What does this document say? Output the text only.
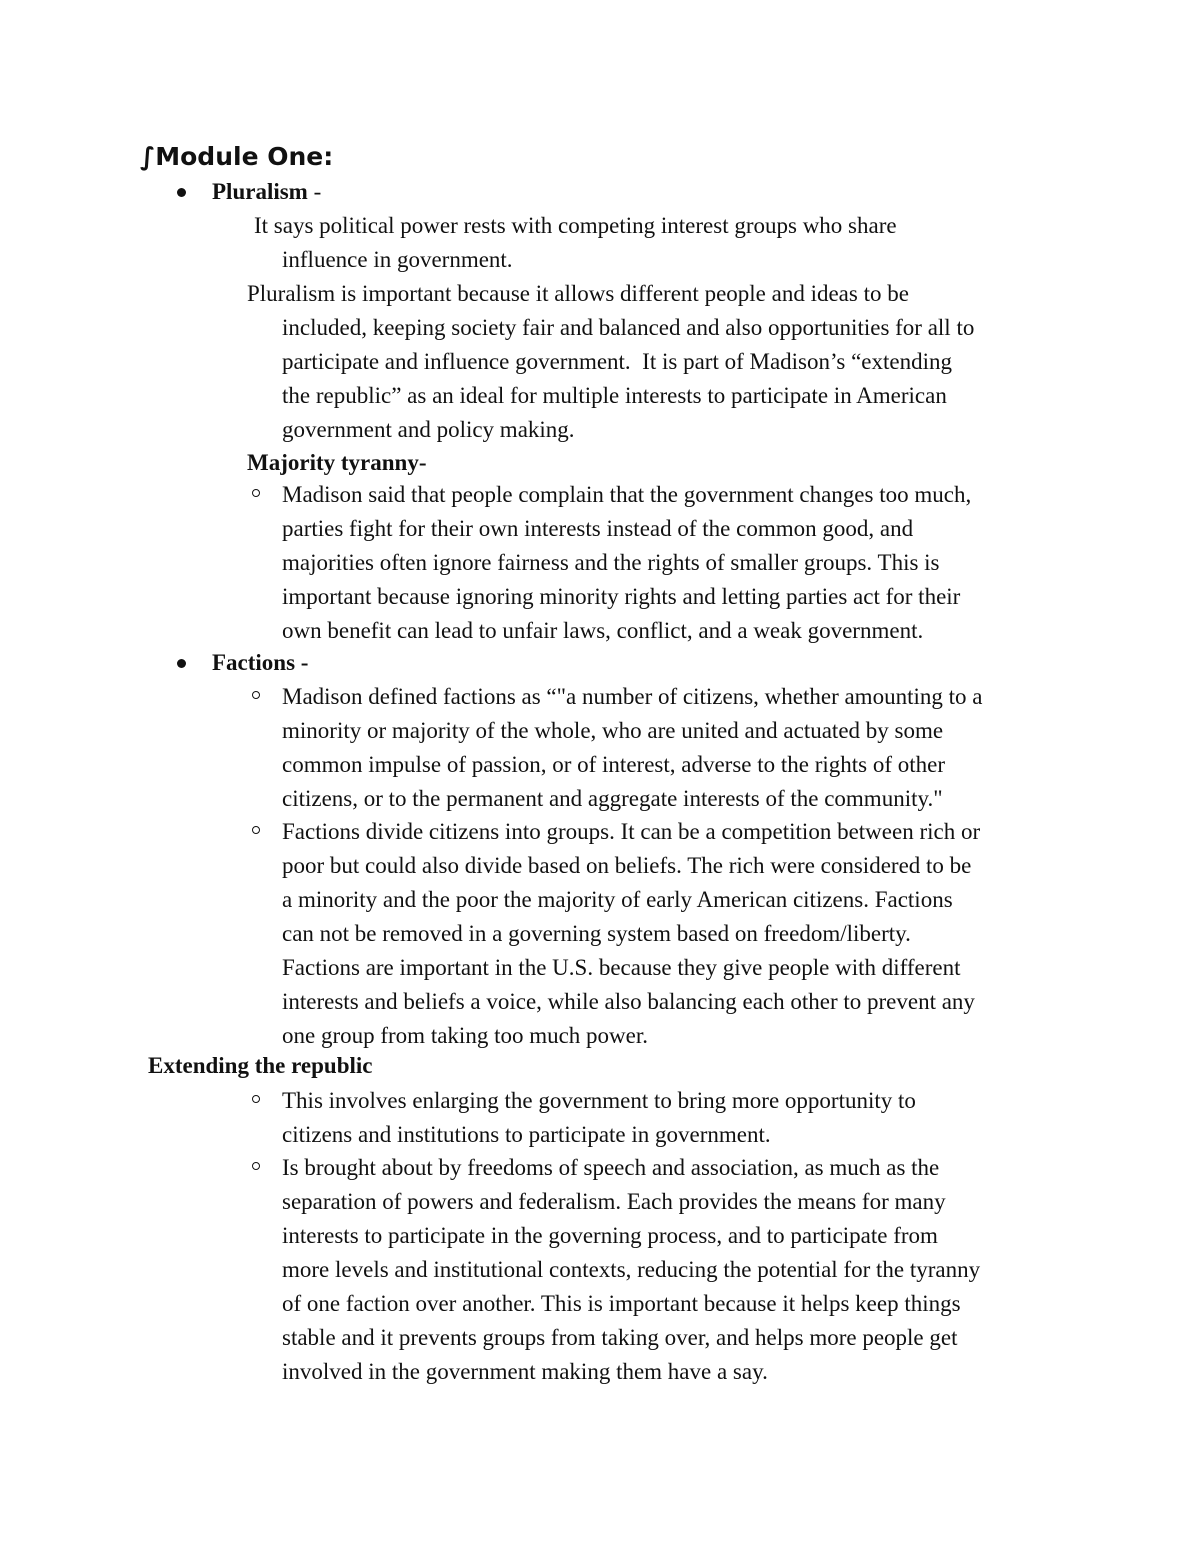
∫Module One:
Pluralism -
It says political power rests with competing interest groups who share
influence in government.
Pluralism is important because it allows different people and ideas to be
included, keeping society fair and balanced and also opportunities for all to
participate and influence government.  It is part of Madison’s “extending
the republic” as an ideal for multiple interests to participate in American
government and policy making.
Majority tyranny-
Madison said that people complain that the government changes too much,
parties fight for their own interests instead of the common good, and
majorities often ignore fairness and the rights of smaller groups. This is
important because ignoring minority rights and letting parties act for their
own benefit can lead to unfair laws, conflict, and a weak government.
Factions -
Madison defined factions as “"a number of citizens, whether amounting to a
minority or majority of the whole, who are united and actuated by some
common impulse of passion, or of interest, adverse to the rights of other
citizens, or to the permanent and aggregate interests of the community."
Factions divide citizens into groups. It can be a competition between rich or
poor but could also divide based on beliefs. The rich were considered to be
a minority and the poor the majority of early American citizens. Factions
can not be removed in a governing system based on freedom/liberty.
Factions are important in the U.S. because they give people with different
interests and beliefs a voice, while also balancing each other to prevent any
one group from taking too much power.
Extending the republic
This involves enlarging the government to bring more opportunity to
citizens and institutions to participate in government.
Is brought about by freedoms of speech and association, as much as the
separation of powers and federalism. Each provides the means for many
interests to participate in the governing process, and to participate from
more levels and institutional contexts, reducing the potential for the tyranny
of one faction over another. This is important because it helps keep things
stable and it prevents groups from taking over, and helps more people get
involved in the government making them have a say.
